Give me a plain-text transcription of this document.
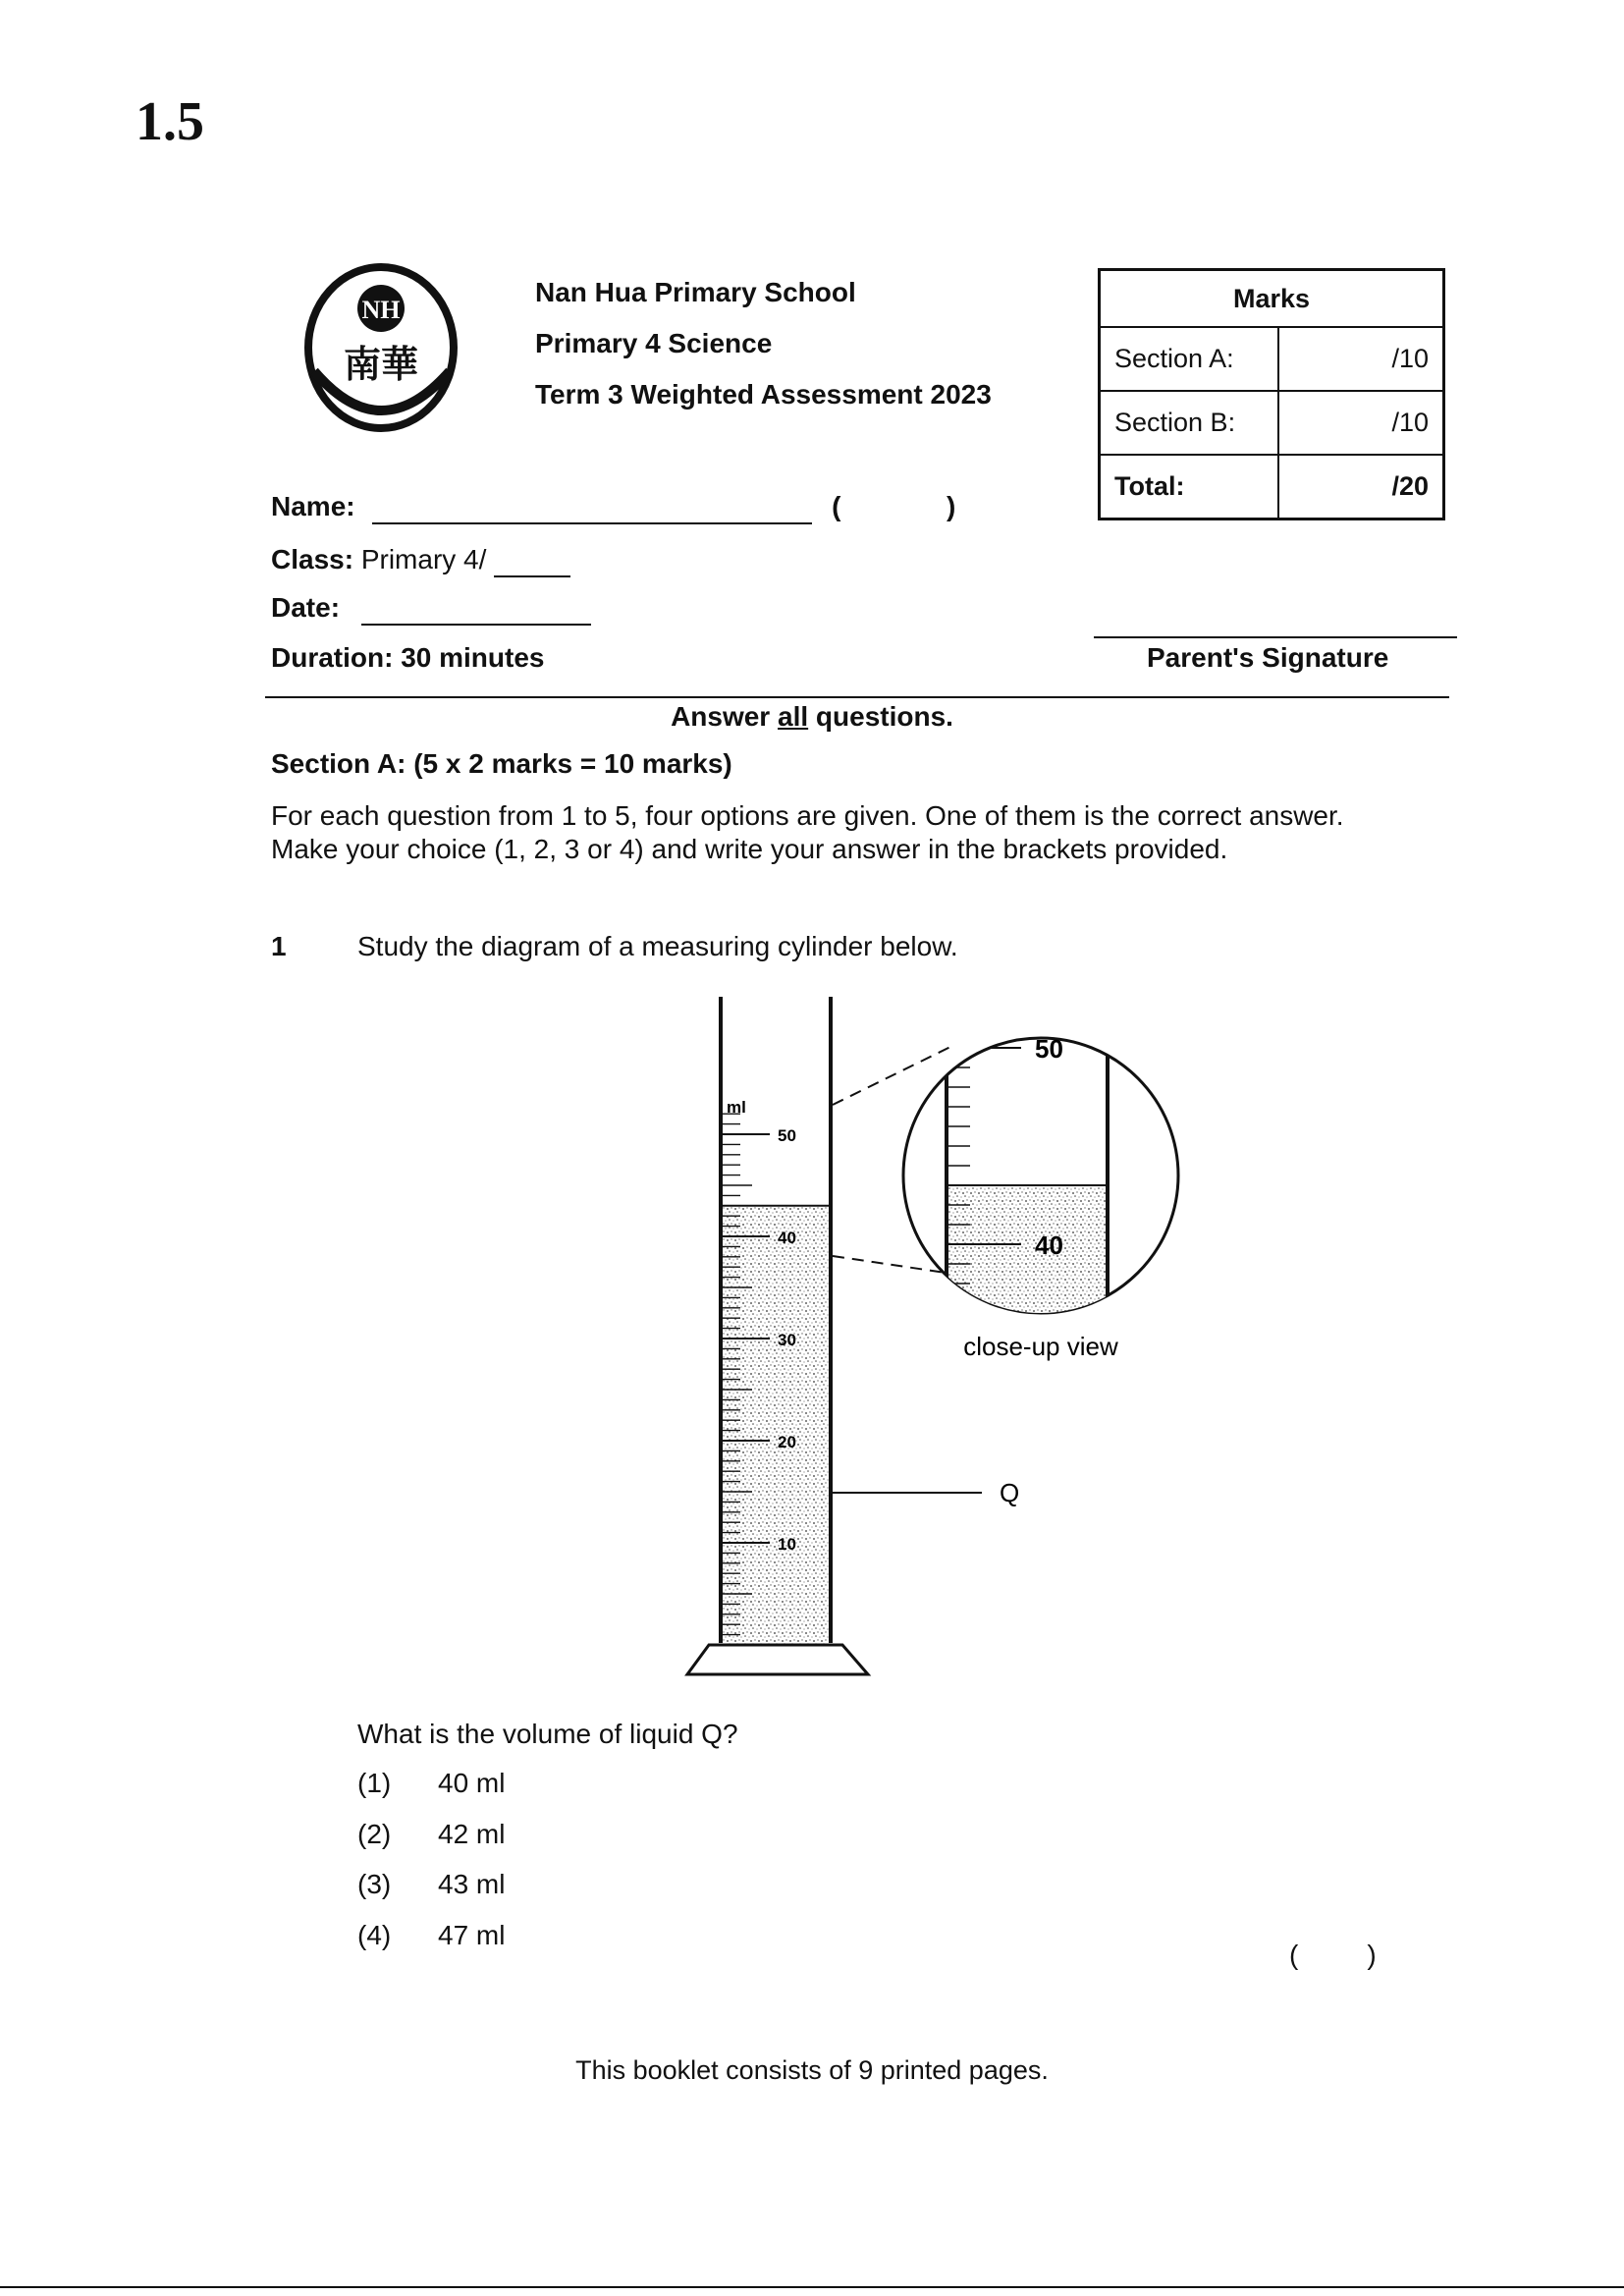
1.5
NH
南華
Nan Hua Primary School
Primary 4 Science
Term 3 Weighted Assessment 2023
Marks	
Section A:	/10
Section B:	/10
Total:	/20
Name:	(	)
Class: Primary 4/
Date:
Duration: 30 minutes	Parent's Signature
Answer all questions.
Section A: (5 x 2 marks = 10 marks)
For each question from 1 to 5, four options are given. One of them is the correct answer.
Make your choice (1, 2, 3 or 4) and write your answer in the brackets provided.
1	Study the diagram of a measuring cylinder below.
ml
50
40
30
20
10
Q
50
40
close-up view
What is the volume of liquid Q?
(1) 40 ml
(2) 42 ml
(3) 43 ml
(4) 47 ml
(	)
This booklet consists of 9 printed pages.
